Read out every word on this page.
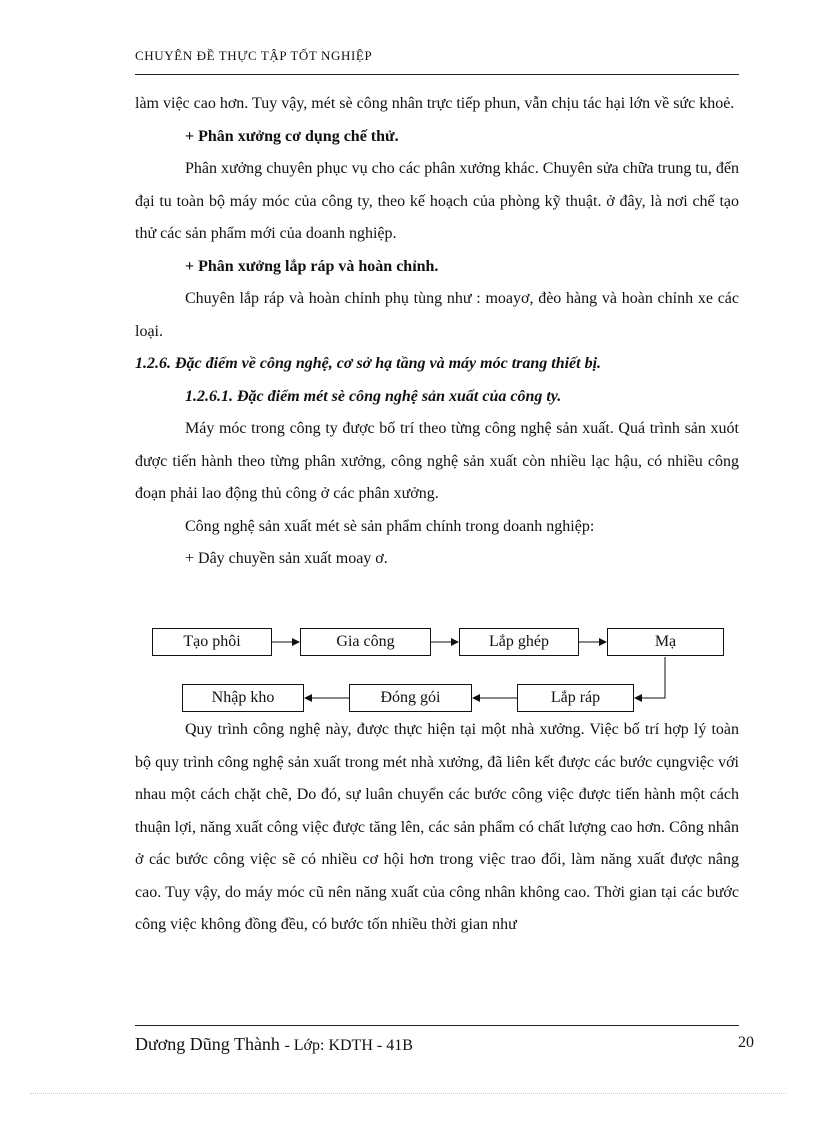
CHUYÊN ĐỀ THỰC TẬP TỐT NGHIỆP

làm việc cao hơn. Tuy vậy, mét sè công nhân trực tiếp phun, vẫn chịu tác hại lớn về sức khoẻ.

+ Phân xưởng cơ dụng chế thử.

Phân xưởng chuyên phục vụ cho các phân xưởng khác. Chuyên sửa chữa trung tu, đến đại tu toàn bộ máy móc của công ty, theo kế hoạch của phòng kỹ thuật. ở đây, là nơi chế tạo thử các sản phẩm mới của doanh nghiệp.

+ Phân xưởng lắp ráp và hoàn chỉnh.

Chuyên lắp ráp và hoàn chỉnh phụ tùng như : moayơ, đèo hàng và hoàn chỉnh xe các loại.

1.2.6. Đặc điểm về công nghệ, cơ sở hạ tầng và máy móc trang thiết bị.

1.2.6.1. Đặc điểm mét sè công nghệ sản xuất của công ty.

Máy móc trong công ty được bố trí theo từng công nghệ sản xuất. Quá trình sản xuót được tiến hành theo từng phân xưởng, công nghệ sản xuất còn nhiều lạc hậu, có nhiều công đoạn phải lao động thủ công ở các phân xưởng.

Công nghệ sản xuất mét sè sản phẩm chính trong doanh nghiệp:

+ Dây chuyền sản xuất moay ơ.

Tạo phôi	Gia công	Lắp ghép	Mạ
Lắp ráp
Đóng gói
Nhập kho

Quy trình công nghệ này, được thực hiện tại một nhà xưởng. Việc bố trí hợp lý toàn bộ quy trình công nghệ sản xuất trong mét nhà xưởng, đã liên kết được các bước cụngviệc với nhau một cách chặt chẽ, Do đó, sự luân chuyển các bước công việc được tiến hành một cách thuận lợi, năng xuất công việc được tăng lên, các sản phẩm có chất lượng cao hơn. Công nhân ở các bước công việc sẽ có nhiều cơ hội hơn trong việc trao đổi, làm năng xuất được nâng cao. Tuy vậy, do máy móc cũ nên năng xuất của công nhân không cao. Thời gian tại các bước công việc không đồng đều, có bước tốn nhiều thời gian như

Dương Dũng Thành - Lớp: KDTH - 41B	20
